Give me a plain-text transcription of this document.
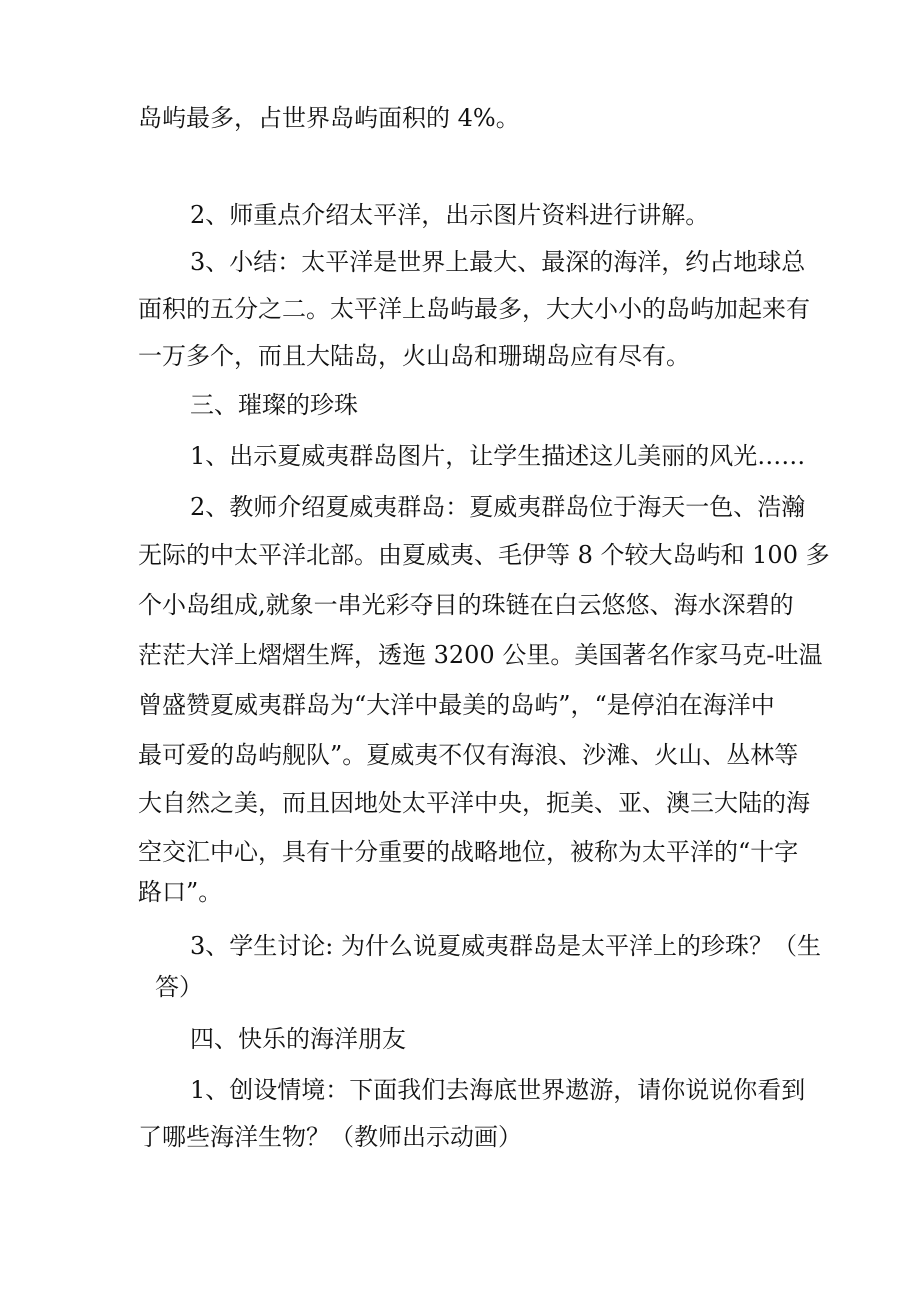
岛屿最多，占世界岛屿面积的 4%。
2、师重点介绍太平洋，出示图片资料进行讲解。
3、小结：太平洋是世界上最大、最深的海洋，约占地球总
面积的五分之二。太平洋上岛屿最多，大大小小的岛屿加起来有
一万多个，而且大陆岛，火山岛和珊瑚岛应有尽有。
三、璀璨的珍珠
1、出示夏威夷群岛图片，让学生描述这儿美丽的风光……
2、教师介绍夏威夷群岛：夏威夷群岛位于海天一色、浩瀚
无际的中太平洋北部。由夏威夷、毛伊等 8 个较大岛屿和 100 多
个小岛组成,就象一串光彩夺目的珠链在白云悠悠、海水深碧的
茫茫大洋上熠熠生辉，透迤 3200 公里。美国著名作家马克-吐温
曾盛赞夏威夷群岛为“大洋中最美的岛屿”，“是停泊在海洋中
最可爱的岛屿舰队”。夏威夷不仅有海浪、沙滩、火山、丛林等
大自然之美，而且因地处太平洋中央，扼美、亚、澳三大陆的海
空交汇中心，具有十分重要的战略地位，被称为太平洋的“十字
路口”。
3、学生讨论: 为什么说夏威夷群岛是太平洋上的珍珠？（生
答）
四、快乐的海洋朋友
1、创设情境：下面我们去海底世界遨游，请你说说你看到
了哪些海洋生物？（教师出示动画）
